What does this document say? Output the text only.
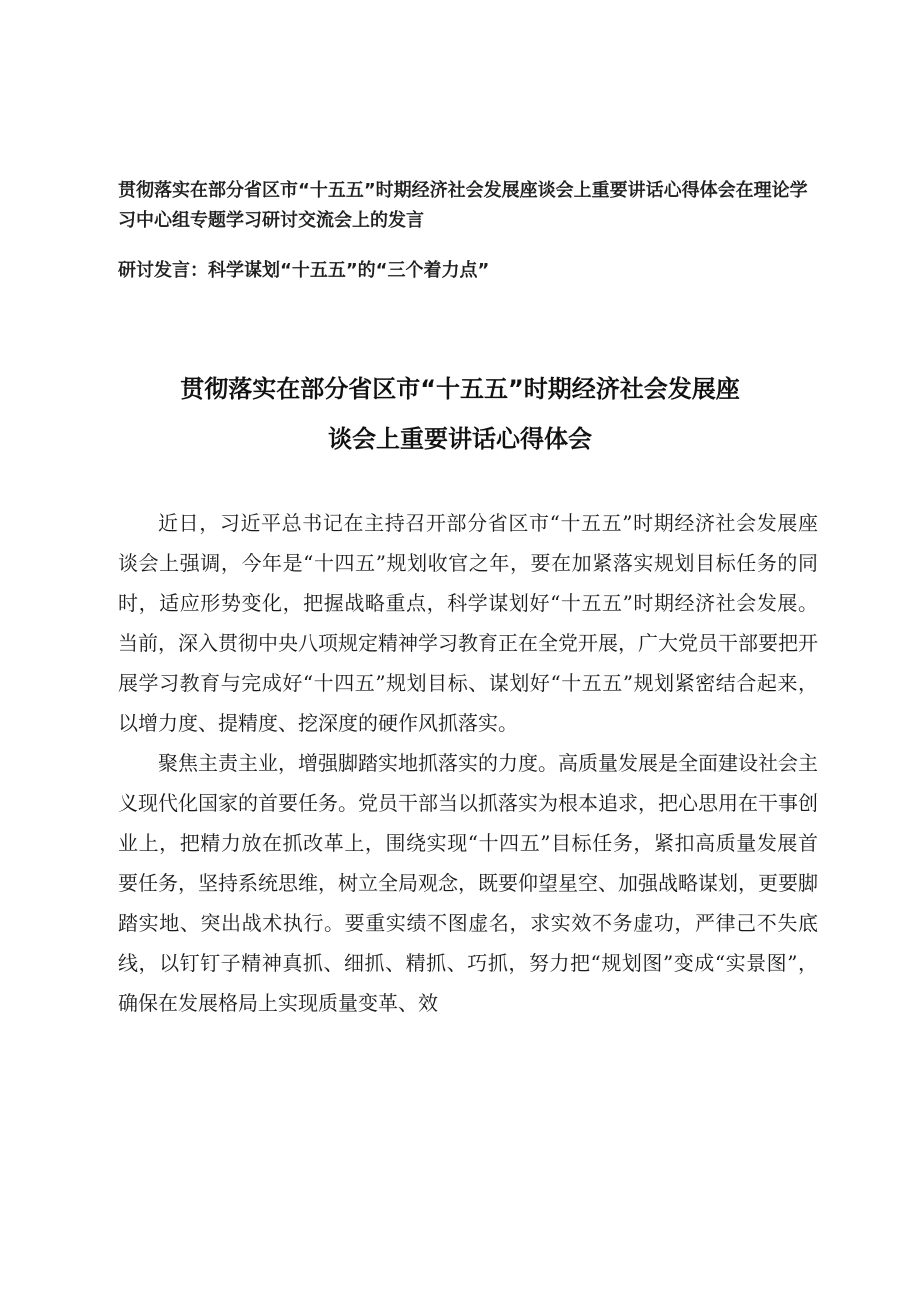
贯彻落实在部分省区市“十五五”时期经济社会发展座谈会上重要讲话心得体会在理论学习中心组专题学习研讨交流会上的发言
研讨发言：科学谋划“十五五”的“三个着力点”
贯彻落实在部分省区市“十五五”时期经济社会发展座
谈会上重要讲话心得体会

近日，习近平总书记在主持召开部分省区市“十五五”时期经济社会发展座谈会上强调，今年是“十四五”规划收官之年，要在加紧落实规划目标任务的同时，适应形势变化，把握战略重点，科学谋划好“十五五”时期经济社会发展。当前，深入贯彻中央八项规定精神学习教育正在全党开展，广大党员干部要把开展学习教育与完成好“十四五”规划目标、谋划好“十五五”规划紧密结合起来，以增力度、提精度、挖深度的硬作风抓落实。

聚焦主责主业，增强脚踏实地抓落实的力度。高质量发展是全面建设社会主义现代化国家的首要任务。党员干部当以抓落实为根本追求，把心思用在干事创业上，把精力放在抓改革上，围绕实现“十四五”目标任务，紧扣高质量发展首要任务，坚持系统思维，树立全局观念，既要仰望星空、加强战略谋划，更要脚踏实地、突出战术执行。要重实绩不图虚名，求实效不务虚功，严律己不失底线，以钉钉子精神真抓、细抓、精抓、巧抓，努力把“规划图”变成“实景图”，确保在发展格局上实现质量变革、效
